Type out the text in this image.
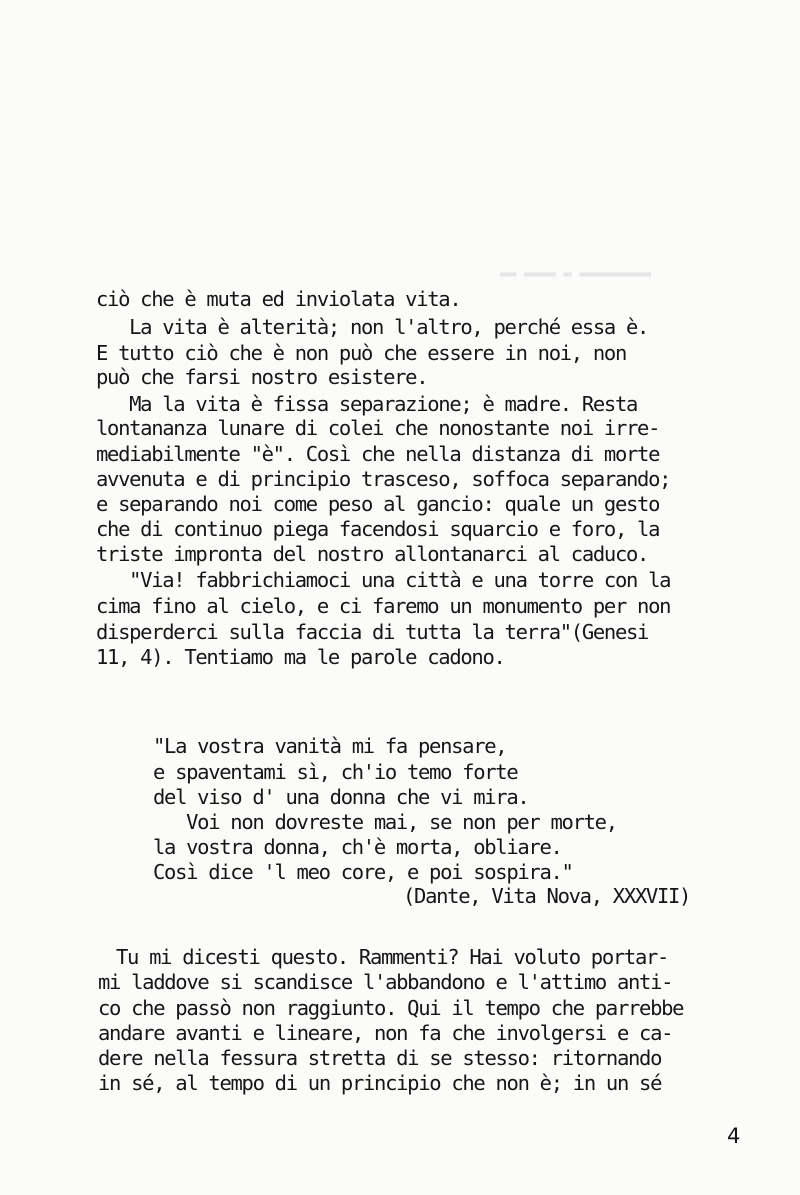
▬▬ ▬▬▬▬ ▬ ▬▬▬▬▬▬▬▬▬
ciò che è muta ed inviolata vita.
La vita è alterità; non l'altro, perché essa è.
E tutto ciò che è non può che essere in noi, non
può che farsi nostro esistere.
Ma la vita è fissa separazione; è madre. Resta
lontananza lunare di colei che nonostante noi irre-
mediabilmente "è". Così che nella distanza di morte
avvenuta e di principio trasceso, soffoca separando;
e separando noi come peso al gancio: quale un gesto
che di continuo piega facendosi squarcio e foro, la
triste impronta del nostro allontanarci al caduco.
"Via! fabbrichiamoci una città e una torre con la
cima fino al cielo, e ci faremo un monumento per non
disperderci sulla faccia di tutta la terra"(Genesi
11, 4). Tentiamo ma le parole cadono.
"La vostra vanità mi fa pensare,
e spaventami sì, ch'io temo forte
del viso d' una donna che vi mira.
Voi non dovreste mai, se non per morte,
la vostra donna, ch'è morta, obliare.
Così dice 'l meo core, e poi sospira."
(Dante, Vita Nova, XXXVII)
Tu mi dicesti questo. Rammenti? Hai voluto portar-
mi laddove si scandisce l'abbandono e l'attimo anti-
co che passò non raggiunto. Qui il tempo che parrebbe
andare avanti e lineare, non fa che involgersi e ca-
dere nella fessura stretta di se stesso: ritornando
in sé, al tempo di un principio che non è; in un sé
4
